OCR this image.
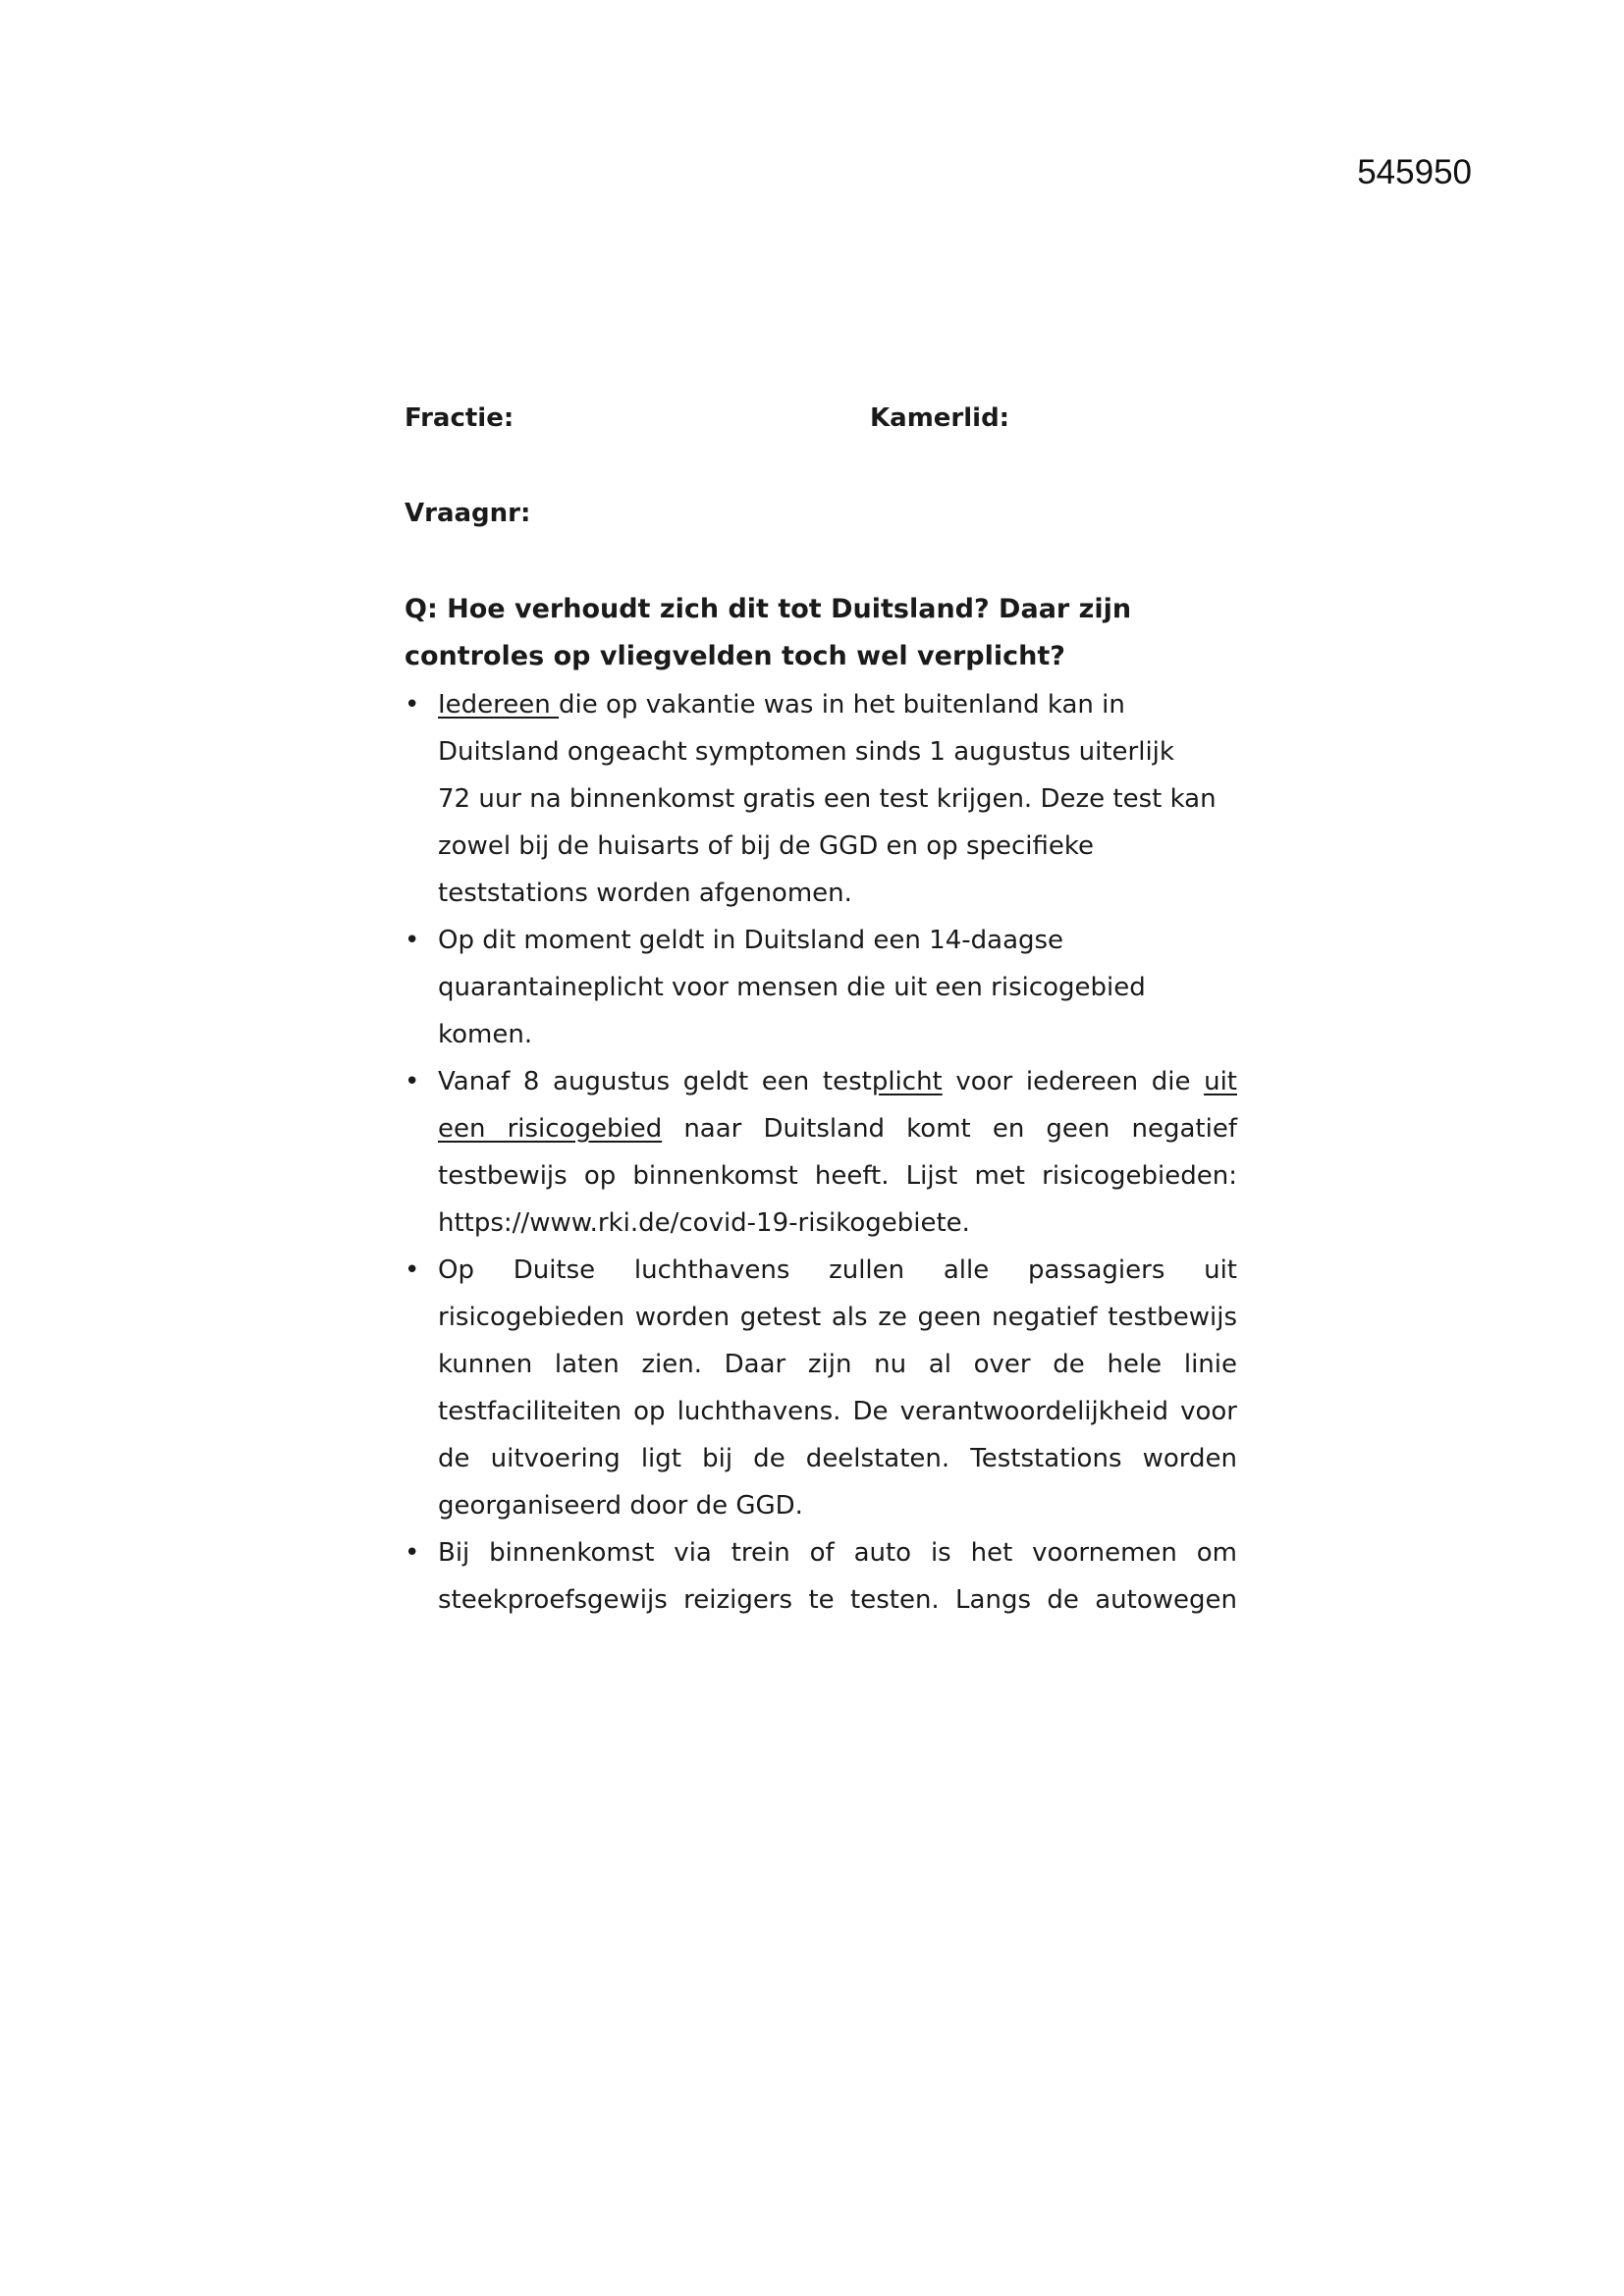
545950
Fractie:	Kamerlid:
Vraagnr:
Q: Hoe verhoudt zich dit tot Duitsland? Daar zijn
controles op vliegvelden toch wel verplicht?
• Iedereen die op vakantie was in het buitenland kan in
Duitsland ongeacht symptomen sinds 1 augustus uiterlijk
72 uur na binnenkomst gratis een test krijgen. Deze test kan
zowel bij de huisarts of bij de GGD en op specifieke
teststations worden afgenomen.
• Op dit moment geldt in Duitsland een 14-daagse
quarantaineplicht voor mensen die uit een risicogebied
komen.
• Vanaf 8 augustus geldt een testplicht voor iedereen die uit
een risicogebied naar Duitsland komt en geen negatief
testbewijs op binnenkomst heeft. Lijst met risicogebieden:
https://www.rki.de/covid-19-risikogebiete.
• Op Duitse luchthavens zullen alle passagiers uit
risicogebieden worden getest als ze geen negatief testbewijs
kunnen laten zien. Daar zijn nu al over de hele linie
testfaciliteiten op luchthavens. De verantwoordelijkheid voor
de uitvoering ligt bij de deelstaten. Teststations worden
georganiseerd door de GGD.
• Bij binnenkomst via trein of auto is het voornemen om
steekproefsgewijs reizigers te testen. Langs de autowegen
